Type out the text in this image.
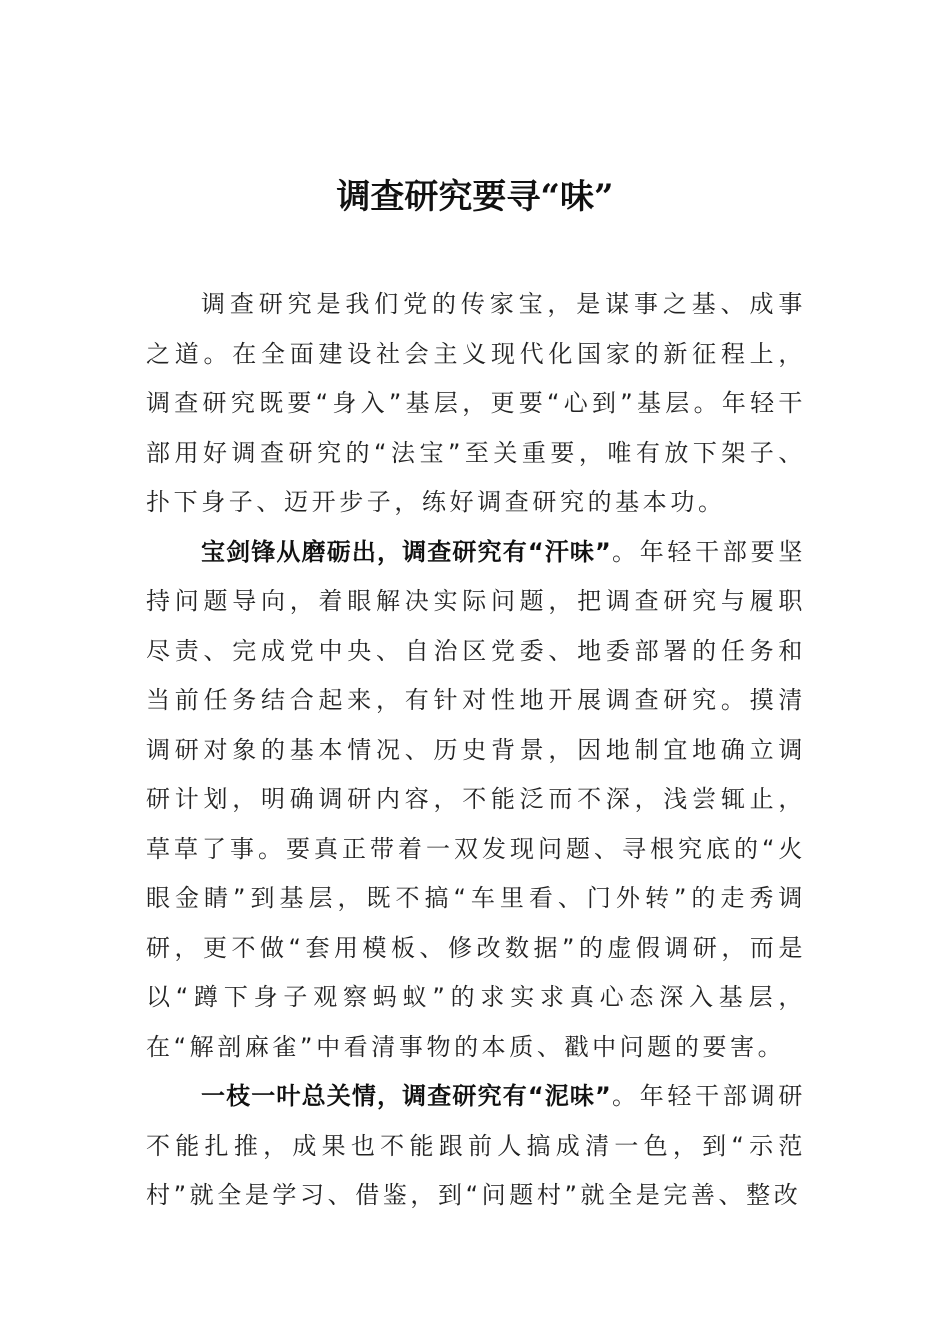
调查研究要寻“味”

调查研究是我们党的传家宝，是谋事之基、成事之道。在全面建设社会主义现代化国家的新征程上，调查研究既要“身入”基层，更要“心到”基层。年轻干部用好调查研究的“法宝”至关重要，唯有放下架子、扑下身子、迈开步子，练好调查研究的基本功。

宝剑锋从磨砺出，调查研究有“汗味”。年轻干部要坚持问题导向，着眼解决实际问题，把调查研究与履职尽责、完成党中央、自治区党委、地委部署的任务和当前任务结合起来，有针对性地开展调查研究。摸清调研对象的基本情况、历史背景，因地制宜地确立调研计划，明确调研内容，不能泛而不深，浅尝辄止，草草了事。要真正带着一双发现问题、寻根究底的“火眼金睛”到基层，既不搞“车里看、门外转”的走秀调研，更不做“套用模板、修改数据”的虚假调研，而是以“蹲下身子观察蚂蚁”的求实求真心态深入基层，在“解剖麻雀”中看清事物的本质、戳中问题的要害。

一枝一叶总关情，调查研究有“泥味”。年轻干部调研不能扎推，成果也不能跟前人搞成清一色，到“示范村”就全是学习、借鉴，到“问题村”就全是完善、整改
